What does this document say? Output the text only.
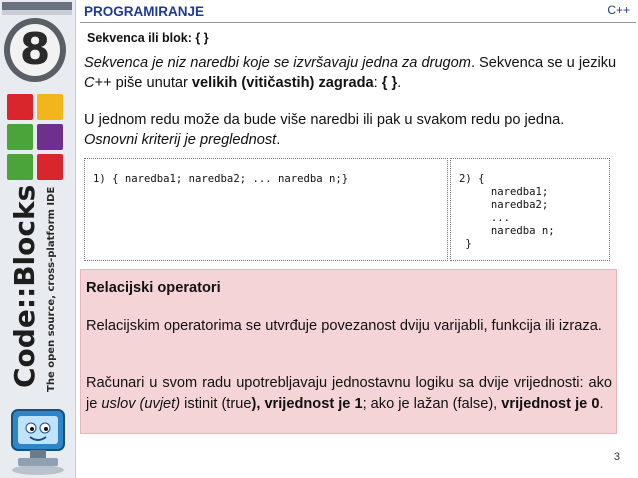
8
Code::Blocks The open source, cross-platform IDE
PROGRAMIRANJE	C++
Sekvenca ili blok: { }
Sekvenca je niz naredbi koje se izvršavaju jedna za drugom. Sekvenca se u jeziku C++ piše unutar velikih (vitičastih) zagrada: { }.
U jednom redu može da bude više naredbi ili pak u svakom redu po jedna.
Osnovni kriterij je preglednost.
1) { naredba1; naredba2; ... naredba n;}	2) {
naredba1;
naredba2;
...
naredba n;
}
Relacijski operatori
Relacijskim operatorima se utvrđuje povezanost dviju varijabli, funkcija ili izraza.
Računari u svom radu upotrebljavaju jednostavnu logiku sa dvije vrijednosti: ako je uslov (uvjet) istinit (true), vrijednost je 1; ako je lažan (false), vrijednost je 0.
3
